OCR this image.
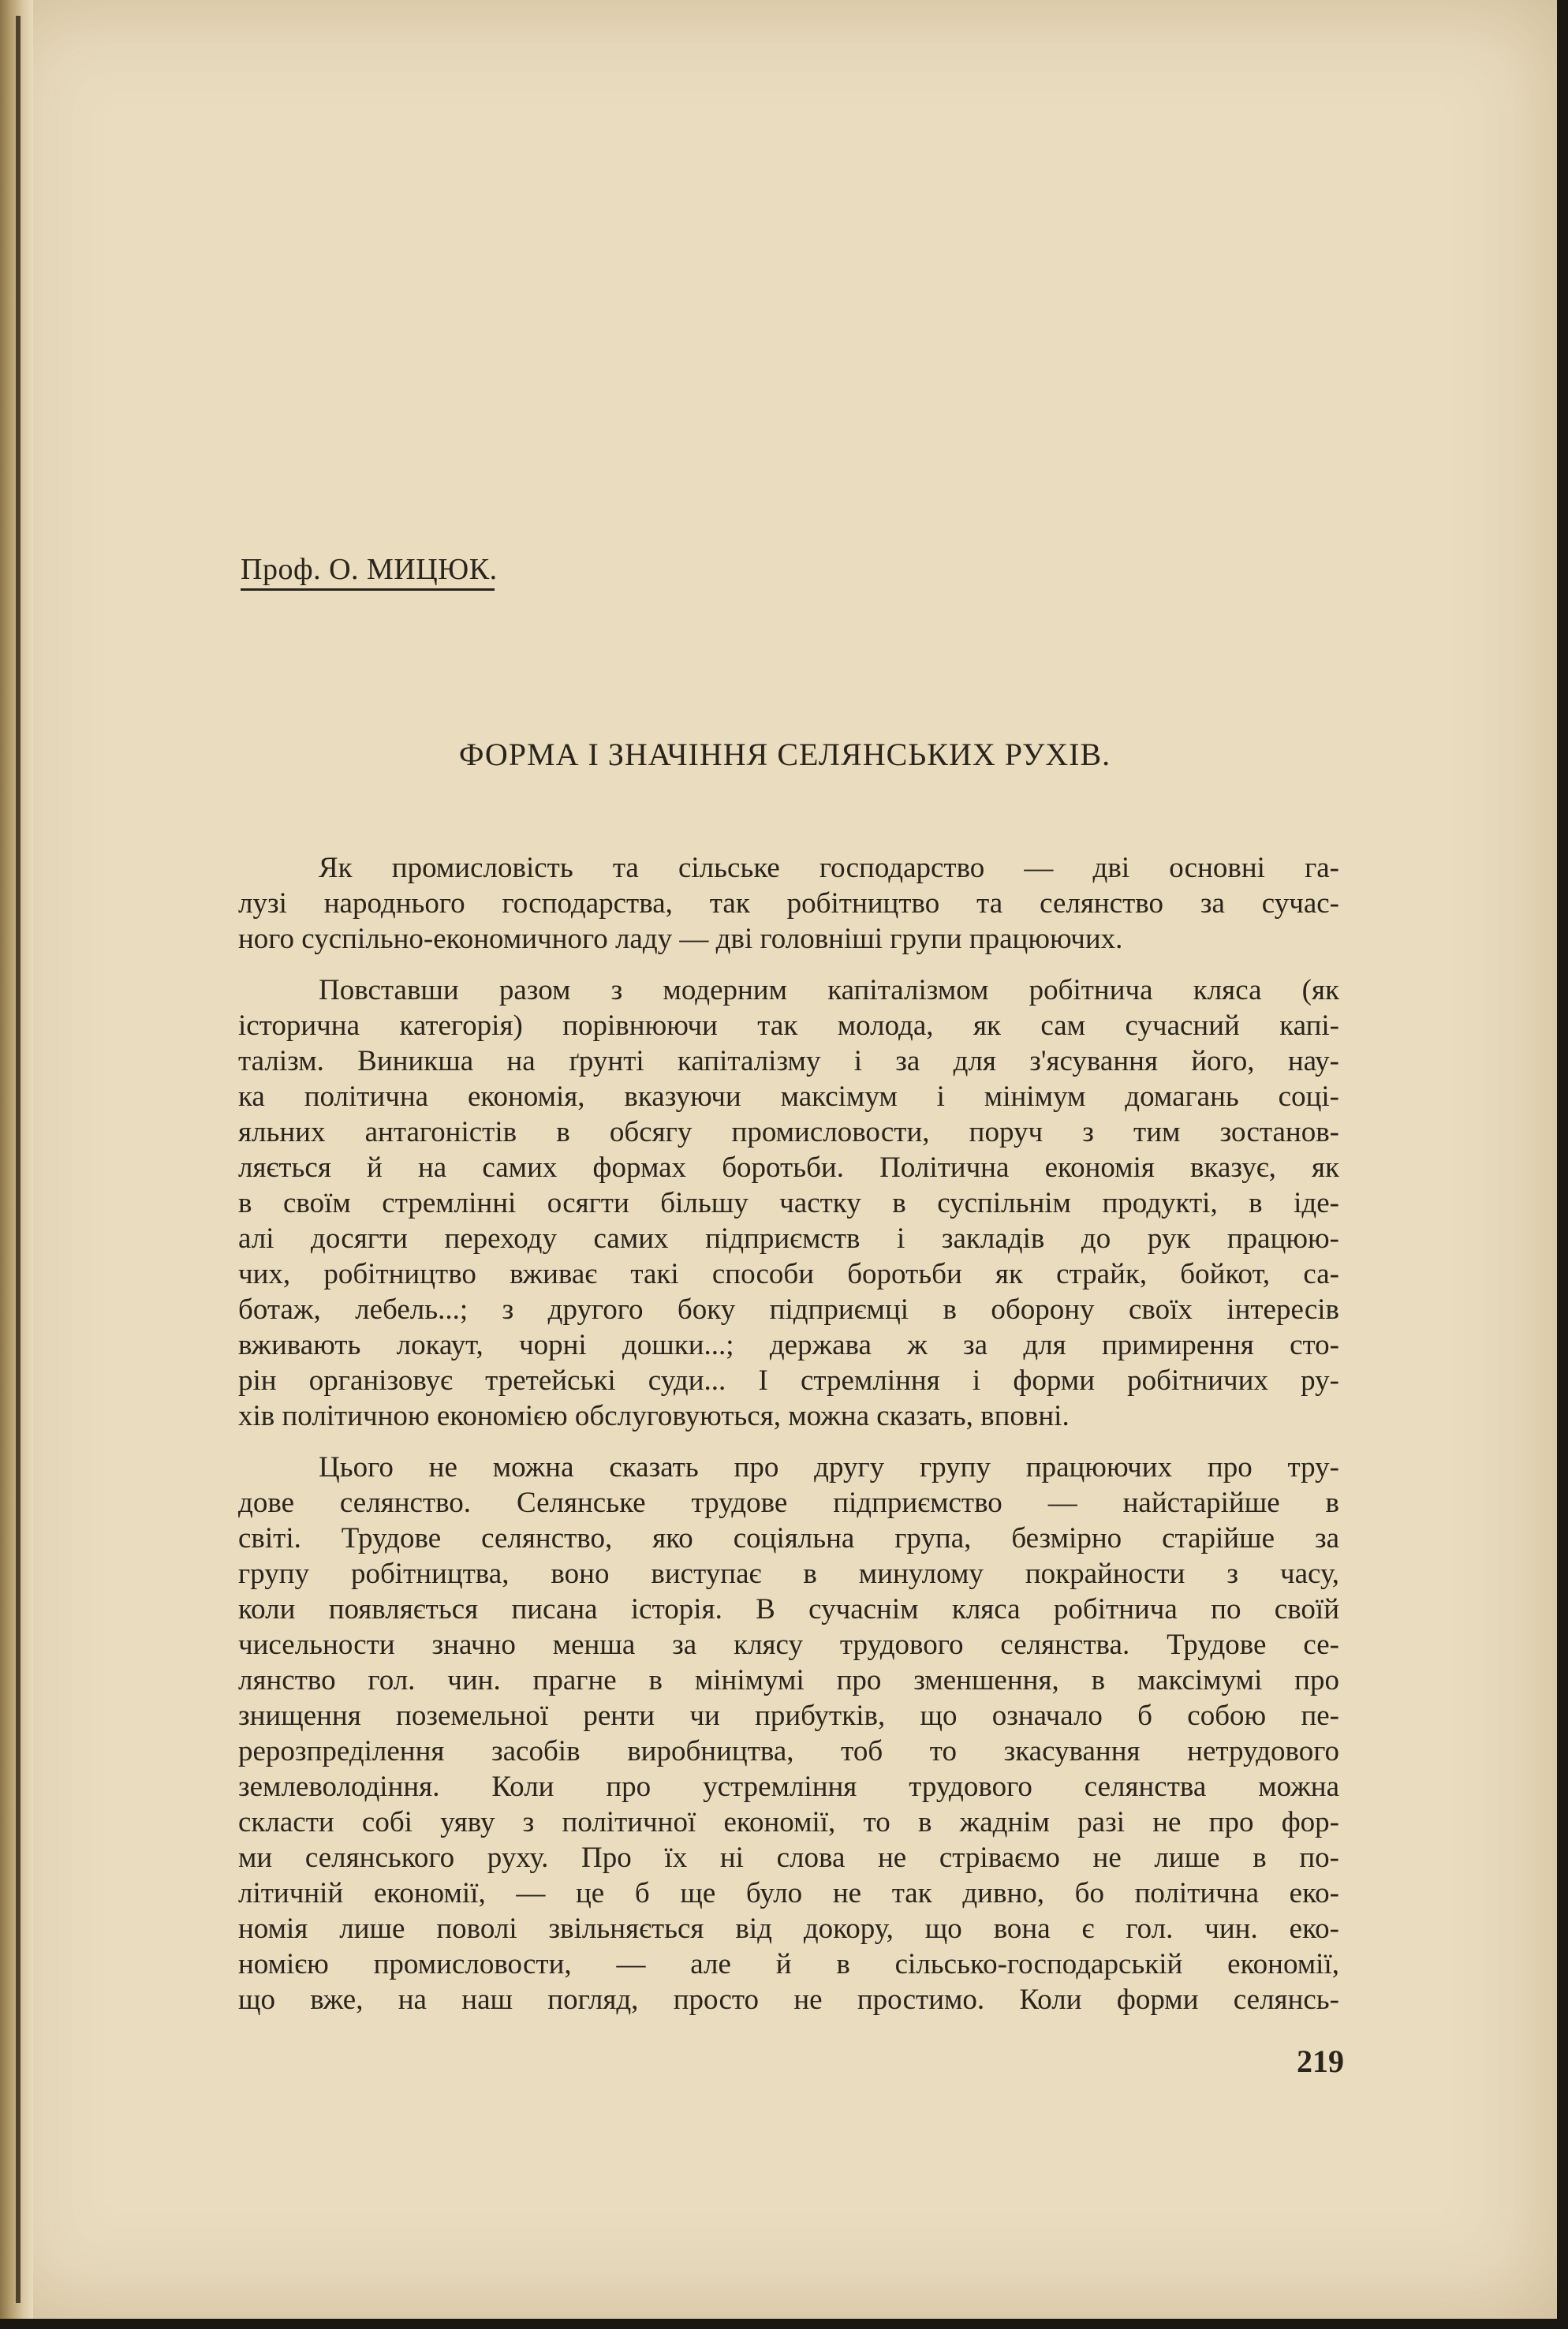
Проф. О. МИЦЮК.
ФОРМА І ЗНАЧІННЯ СЕЛЯНСЬКИХ РУХІВ.
Як промисловість та сільське господарство — дві основні га-
лузі народнього господарства, так робітництво та селянство за сучас-
ного суспільно-економичного ладу — дві головніші групи працюючих.
Повставши разом з модерним капіталізмом робітнича кляса (як
історична категорія) порівнюючи так молода, як сам сучасний капі-
талізм. Виникша на ґрунті капіталізму і за для з'ясування його, нау-
ка політична економія, вказуючи максімум і мінімум домагань соці-
яльних антагоністів в обсягу промисловости, поруч з тим зостанов-
ляється й на самих формах боротьби. Політична економія вказує, як
в своїм стремлінні осягти більшу частку в суспільнім продукті, в іде-
алі досягти переходу самих підприємств і закладів до рук працюю-
чих, робітництво вживає такі способи боротьби як страйк, бойкот, са-
ботаж, лебель...; з другого боку підприємці в оборону своїх інтересів
вживають локаут, чорні дошки...; держава ж за для примирення сто-
рін організовує третейські суди... І стремління і форми робітничих ру-
хів політичною економією обслуговуються, можна сказать, вповні.
Цього не можна сказать про другу групу працюючих про тру-
дове селянство. Селянське трудове підприємство — найстарійше в
світі. Трудове селянство, яко соціяльна група, безмірно старійше за
групу робітництва, воно виступає в минулому покрайности з часу,
коли появляється писана історія. В сучаснім кляса робітнича по своїй
чисельности значно менша за клясу трудового селянства. Трудове се-
лянство гол. чин. прагне в мінімумі про зменшення, в максімумі про
знищення поземельної ренти чи прибутків, що означало б собою пе-
рерозпреділення засобів виробництва, тоб то зкасування нетрудового
землеволодіння. Коли про устремління трудового селянства можна
скласти собі уяву з політичної економії, то в жаднім разі не про фор-
ми селянського руху. Про їх ні слова не стріваємо не лише в по-
літичній економії, — це б ще було не так дивно, бо політична еко-
номія лише поволі звільняється від докору, що вона є гол. чин. еко-
номією промисловости, — але й в сільсько-господарській економії,
що вже, на наш погляд, просто не простимо. Коли форми селянсь-
219
